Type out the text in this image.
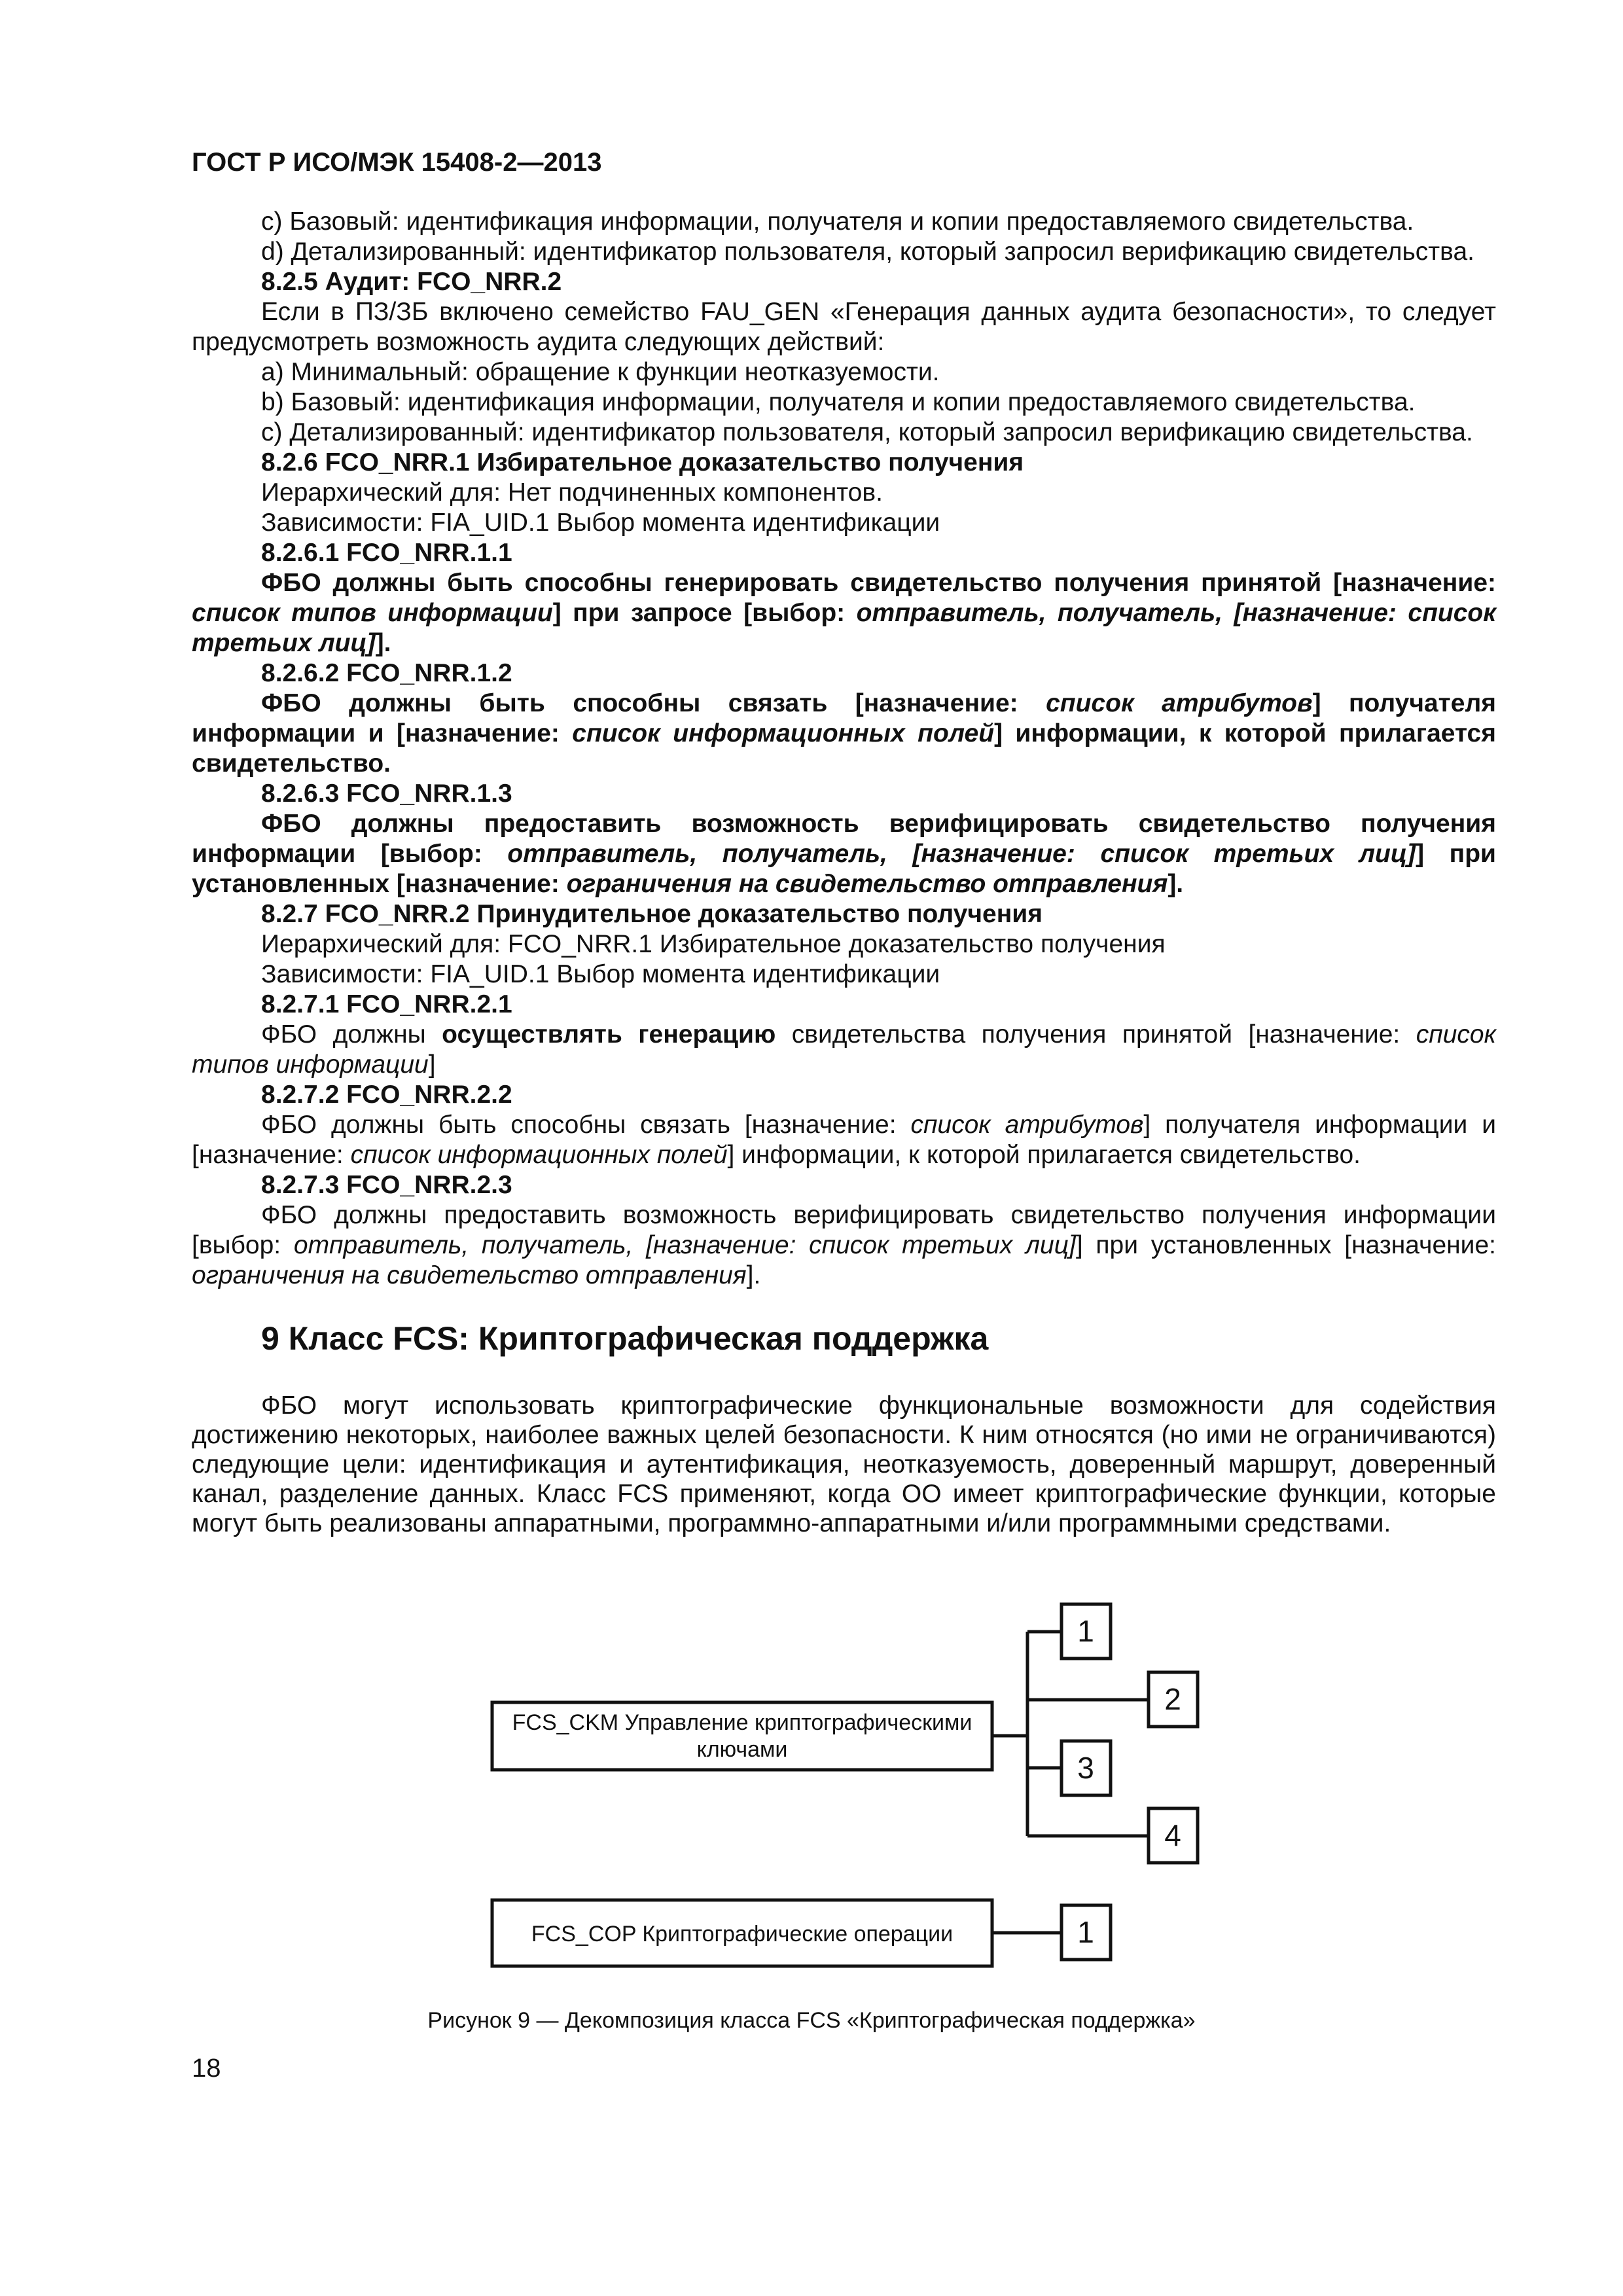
ГОСТ Р ИСО/МЭК 15408-2—2013

c) Базовый: идентификация информации, получателя и копии предоставляемого свидетельства.

d) Детализированный: идентификатор пользователя, который запросил верификацию свидетельства.

8.2.5 Аудит: FCO_NRR.2

Если в ПЗ/ЗБ включено семейство FAU_GEN «Генерация данных аудита безопасности», то следует предусмотреть возможность аудита следующих действий:

a) Минимальный: обращение к функции неотказуемости.

b) Базовый: идентификация информации, получателя и копии предоставляемого свидетельства.

c) Детализированный: идентификатор пользователя, который запросил верификацию свидетельства.

8.2.6 FCO_NRR.1 Избирательное доказательство получения

Иерархический для: Нет подчиненных компонентов.

Зависимости: FIA_UID.1 Выбор момента идентификации

8.2.6.1 FCO_NRR.1.1

ФБО должны быть способны генерировать свидетельство получения принятой [назначение: список типов информации] при запросе [выбор: отправитель, получатель, [назначение: список третьих лиц]].

8.2.6.2 FCO_NRR.1.2

ФБО должны быть способны связать [назначение: список атрибутов] получателя информации и [назначение: список информационных полей] информации, к которой прилагается свидетельство.

8.2.6.3 FCO_NRR.1.3

ФБО должны предоставить возможность верифицировать свидетельство получения информации [выбор: отправитель, получатель, [назначение: список третьих лиц]] при установленных [назначение: ограничения на свидетельство отправления].

8.2.7 FCO_NRR.2 Принудительное доказательство получения

Иерархический для: FCO_NRR.1 Избирательное доказательство получения

Зависимости: FIA_UID.1 Выбор момента идентификации

8.2.7.1 FCO_NRR.2.1

ФБО должны осуществлять генерацию свидетельства получения принятой [назначение: список типов информации]

8.2.7.2 FCO_NRR.2.2

ФБО должны быть способны связать [назначение: список атрибутов] получателя информации и [назначение: список информационных полей] информации, к которой прилагается свидетельство.

8.2.7.3 FCO_NRR.2.3

ФБО должны предоставить возможность верифицировать свидетельство получения информации [выбор: отправитель, получатель, [назначение: список третьих лиц]] при установленных [назначение: ограничения на свидетельство отправления].

9 Класс FCS: Криптографическая поддержка

ФБО могут использовать криптографические функциональные возможности для содействия достижению некоторых, наиболее важных целей безопасности. К ним относятся (но ими не ограничиваются) следующие цели: идентификация и аутентификация, неотказуемость, доверенный маршрут, доверенный канал, разделение данных. Класс FCS применяют, когда ОО имеет криптографические функции, которые могут быть реализованы аппаратными, программно-аппаратными и/или программными средствами.

FCS_CKM Управление криптографическими
ключами
1
2
3
4
FCS_COP Криптографические операции	1
Рисунок 9 — Декомпозиция класса FCS «Криптографическая поддержка»
18
